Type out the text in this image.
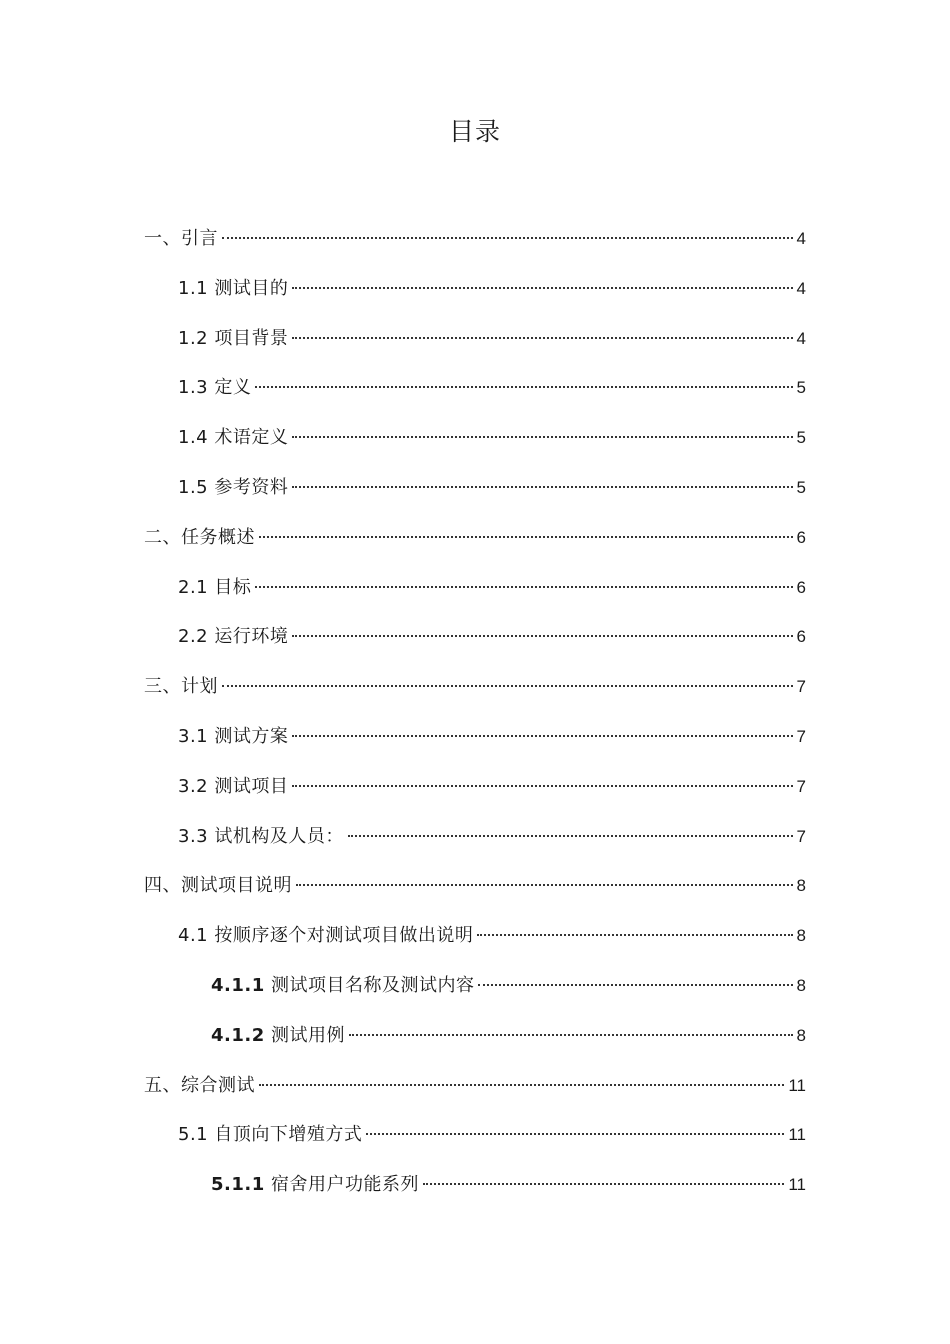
目录
一、引言	4
1.1 测试目的	4
1.2 项目背景	4
1.3 定义	5
1.4 术语定义	5
1.5 参考资料	5
二、任务概述	6
2.1 目标	6
2.2 运行环境	6
三、计划	7
3.1 测试方案	7
3.2 测试项目	7
3.3 试机构及人员：	7
四、测试项目说明	8
4.1 按顺序逐个对测试项目做出说明	8
4.1.1 测试项目名称及测试内容	8
4.1.2 测试用例	8
五、综合测试	11
5.1 自顶向下增殖方式	11
5.1.1 宿舍用户功能系列	11
